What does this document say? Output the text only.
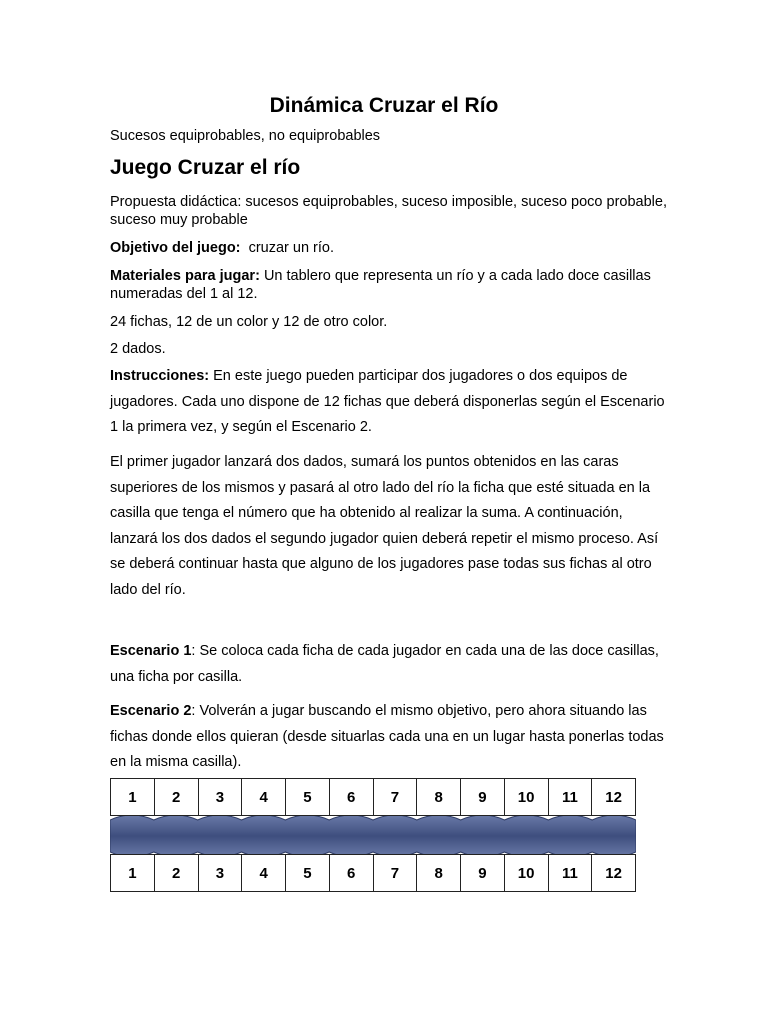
Dinámica Cruzar el Río
Sucesos equiprobables, no equiprobables
Juego Cruzar el río
Propuesta didáctica: sucesos equiprobables, suceso imposible, suceso poco probable, suceso muy probable
Objetivo del juego: cruzar un río.
Materiales para jugar: Un tablero que representa un río y a cada lado doce casillas numeradas del 1 al 12.
24 fichas, 12 de un color y 12 de otro color.
2 dados.
Instrucciones: En este juego pueden participar dos jugadores o dos equipos de jugadores. Cada uno dispone de 12 fichas que deberá disponerlas según el Escenario 1 la primera vez, y según el Escenario 2.
El primer jugador lanzará dos dados, sumará los puntos obtenidos en las caras superiores de los mismos y pasará al otro lado del río la ficha que esté situada en la casilla que tenga el número que ha obtenido al realizar la suma. A continuación, lanzará los dos dados el segundo jugador quien deberá repetir el mismo proceso. Así se deberá continuar hasta que alguno de los jugadores pase todas sus fichas al otro lado del río.
Escenario 1: Se coloca cada ficha de cada jugador en cada una de las doce casillas, una ficha por casilla.
Escenario 2: Volverán a jugar buscando el mismo objetivo, pero ahora situando las fichas donde ellos quieran (desde situarlas cada una en un lugar hasta ponerlas todas en la misma casilla).
1	2	3	4	5	6	7	8	9	10	11	12
1	2	3	4	5	6	7	8	9	10	11	12
